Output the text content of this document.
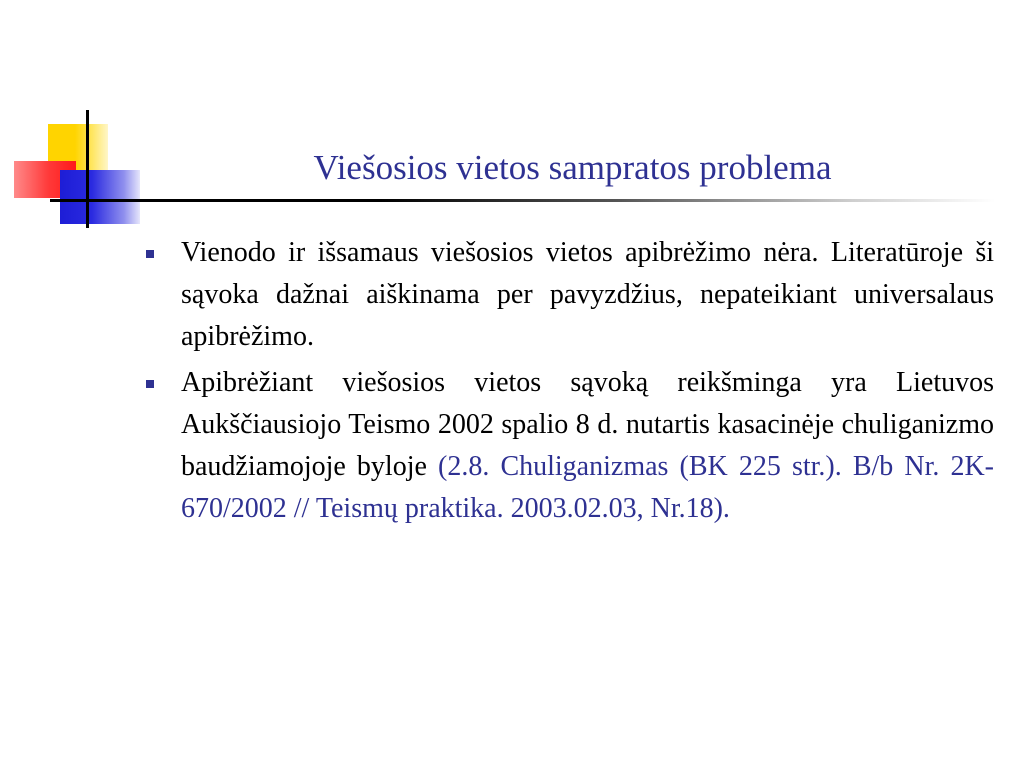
Viešosios vietos sampratos problema
Vienodo ir išsamaus viešosios vietos apibrėžimo nėra. Literatūroje ši sąvoka dažnai aiškinama per pavyzdžius, nepateikiant universalaus apibrėžimo.
Apibrėžiant viešosios vietos sąvoką reikšminga yra Lietuvos Aukščiausiojo Teismo 2002 spalio 8 d. nutartis kasacinėje chuliganizmo baudžiamojoje byloje (2.8. Chuliganizmas (BK 225 str.). B/b Nr. 2K-670/2002 // Teismų praktika. 2003.02.03, Nr.18).
